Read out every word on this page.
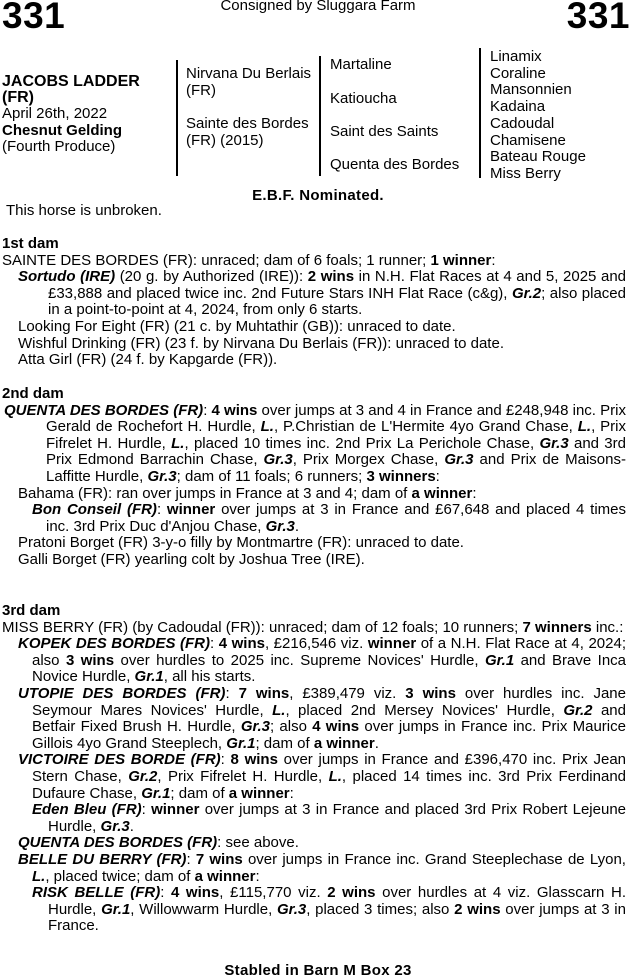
331	Consigned by Sluggara Farm	331
JACOBS LADDER
(FR)
April 26th, 2022
Chesnut Gelding
(Fourth Produce)
Nirvana Du Berlais (FR)
Sainte des Bordes (FR) (2015)
Martaline
Katioucha
Saint des Saints
Quenta des Bordes
Linamix
Coraline
Mansonnien
Kadaina
Cadoudal
Chamisene
Bateau Rouge
Miss Berry
E.B.F. Nominated.
This horse is unbroken.
1st dam
SAINTE DES BORDES (FR): unraced; dam of 6 foals; 1 runner; 1 winner:
Sortudo (IRE) (20 g. by Authorized (IRE)): 2 wins in N.H. Flat Races at 4 and 5, 2025 and £33,888 and placed twice inc. 2nd Future Stars INH Flat Race (c&g), Gr.2; also placed in a point-to-point at 4, 2024, from only 6 starts.
Looking For Eight (FR) (21 c. by Muhtathir (GB)): unraced to date.
Wishful Drinking (FR) (23 f. by Nirvana Du Berlais (FR)): unraced to date.
Atta Girl (FR) (24 f. by Kapgarde (FR)).
2nd dam
QUENTA DES BORDES (FR): 4 wins over jumps at 3 and 4 in France and £248,948 inc. Prix Gerald de Rochefort H. Hurdle, L., P.Christian de L'Hermite 4yo Grand Chase, L., Prix Fifrelet H. Hurdle, L., placed 10 times inc. 2nd Prix La Perichole Chase, Gr.3 and 3rd Prix Edmond Barrachin Chase, Gr.3, Prix Morgex Chase, Gr.3 and Prix de Maisons-Laffitte Hurdle, Gr.3; dam of 11 foals; 6 runners; 3 winners:
Bahama (FR): ran over jumps in France at 3 and 4; dam of a winner:
Bon Conseil (FR): winner over jumps at 3 in France and £67,648 and placed 4 times inc. 3rd Prix Duc d'Anjou Chase, Gr.3.
Pratoni Borget (FR) 3-y-o filly by Montmartre (FR): unraced to date.
Galli Borget (FR) yearling colt by Joshua Tree (IRE).
3rd dam
MISS BERRY (FR) (by Cadoudal (FR)): unraced; dam of 12 foals; 10 runners; 7 winners inc.:
KOPEK DES BORDES (FR): 4 wins, £216,546 viz. winner of a N.H. Flat Race at 4, 2024; also 3 wins over hurdles to 2025 inc. Supreme Novices' Hurdle, Gr.1 and Brave Inca Novice Hurdle, Gr.1, all his starts.
UTOPIE DES BORDES (FR): 7 wins, £389,479 viz. 3 wins over hurdles inc. Jane Seymour Mares Novices' Hurdle, L., placed 2nd Mersey Novices' Hurdle, Gr.2 and Betfair Fixed Brush H. Hurdle, Gr.3; also 4 wins over jumps in France inc. Prix Maurice Gillois 4yo Grand Steeplech, Gr.1; dam of a winner.
VICTOIRE DES BORDE (FR): 8 wins over jumps in France and £396,470 inc. Prix Jean Stern Chase, Gr.2, Prix Fifrelet H. Hurdle, L., placed 14 times inc. 3rd Prix Ferdinand Dufaure Chase, Gr.1; dam of a winner:
Eden Bleu (FR): winner over jumps at 3 in France and placed 3rd Prix Robert Lejeune Hurdle, Gr.3.
QUENTA DES BORDES (FR): see above.
BELLE DU BERRY (FR): 7 wins over jumps in France inc. Grand Steeplechase de Lyon, L., placed twice; dam of a winner:
RISK BELLE (FR): 4 wins, £115,770 viz. 2 wins over hurdles at 4 viz. Glasscarn H. Hurdle, Gr.1, Willowwarm Hurdle, Gr.3, placed 3 times; also 2 wins over jumps at 3 in France.
Stabled in Barn M Box 23
